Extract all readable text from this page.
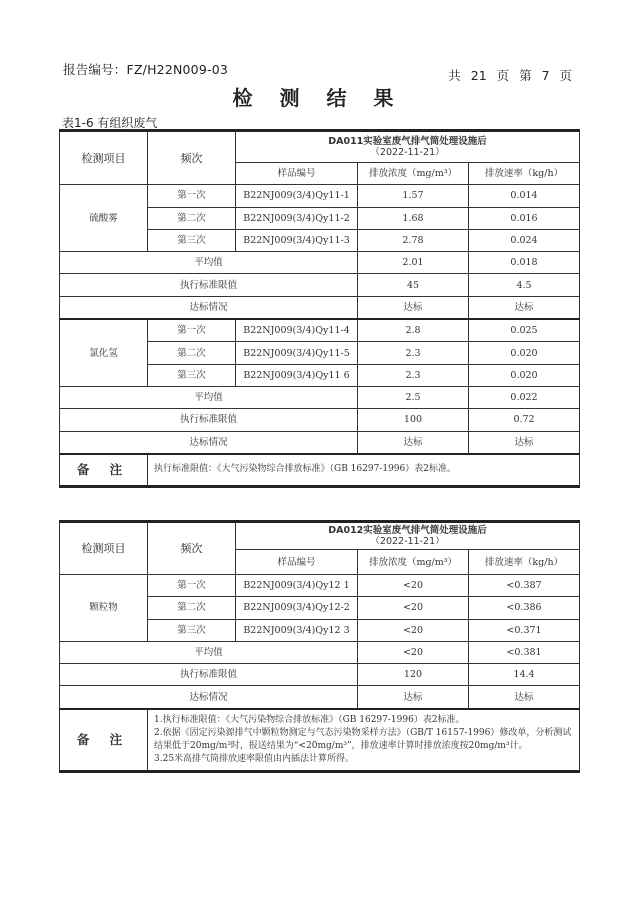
报告编号：FZ/H22N009-03	共 21 页 第 7 页
检 测 结 果
表1-6 有组织废气
检测项目	频次	DA011实验室废气排气筒处理设施后
（2022-11-21）		

		样品编号	排放浓度（mg/m³）	排放速率（kg/h）
硫酸雾	第一次	B22NJ009(3/4)Qy11-1	1.57	0.014
	第二次	B22NJ009(3/4)Qy11-2	1.68	0.016
	第三次	B22NJ009(3/4)Qy11-3	2.78	0.024
平均值			2.01	0.018
执行标准限值			45	4.5
达标情况			达标	达标
氯化氢	第一次	B22NJ009(3/4)Qy11-4	2.8	0.025
	第二次	B22NJ009(3/4)Qy11-5	2.3	0.020
	第三次	B22NJ009(3/4)Qy11 6	2.3	0.020
平均值			2.5	0.022
执行标准限值			100	0.72
达标情况			达标	达标
备 注	执行标准限值：《大气污染物综合排放标准》（GB 16297-1996）表2标准。			
检测项目	频次	DA012实验室废气排气筒处理设施后
（2022-11-21）		

		样品编号	排放浓度（mg/m³）	排放速率（kg/h）
颗粒物	第一次	B22NJ009(3/4)Qy12 1	<20	<0.387
	第二次	B22NJ009(3/4)Qy12-2	<20	<0.386
	第三次	B22NJ009(3/4)Qy12 3	<20	<0.371
平均值			<20	<0.381
执行标准限值			120	14.4
达标情况			达标	达标
备 注	1.执行标准限值：《大气污染物综合排放标准》（GB 16297-1996）表2标准。
2.依据《固定污染源排气中颗粒物测定与气态污染物采样方法》（GB/T 16157-1996）修改单，分析测试结果低于20mg/m³时，报送结果为“<20mg/m³”，排放速率计算时排放浓度按20mg/m³计。
3.25米高排气筒排放速率限值由内插法计算所得。			
